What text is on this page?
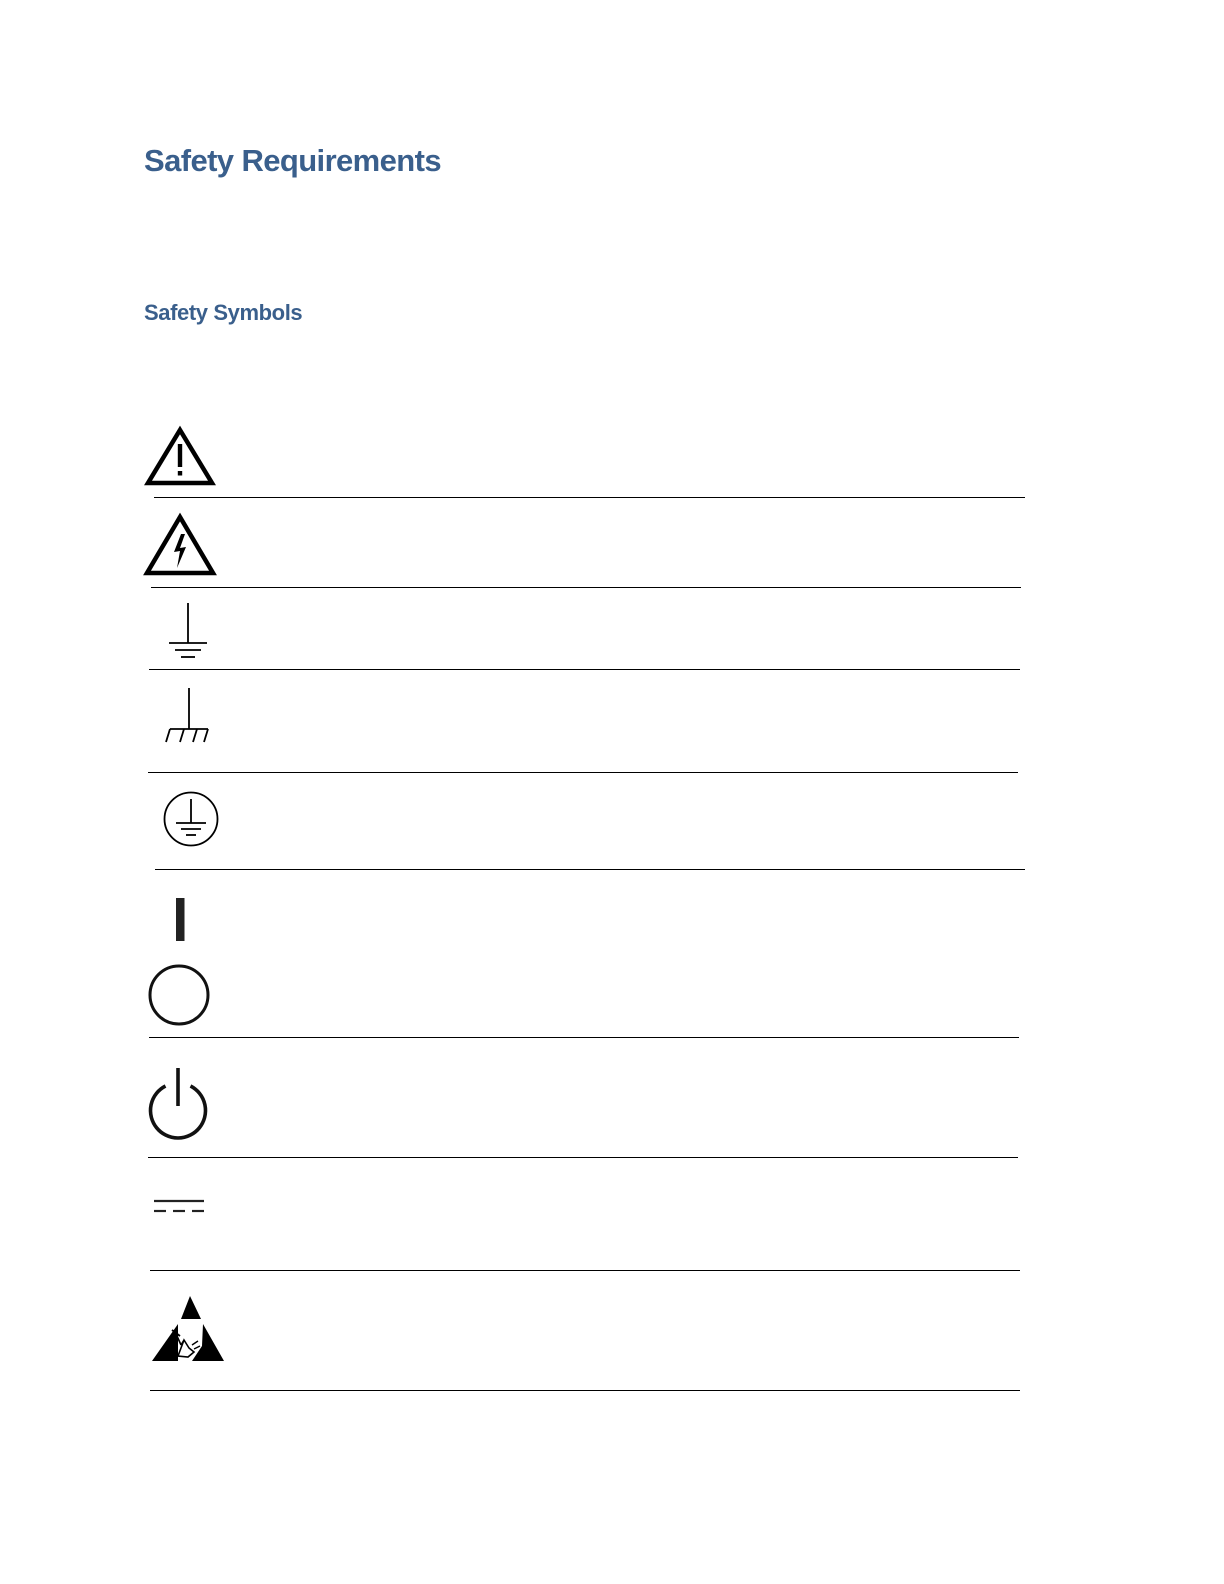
Safety Requirements
Safety Symbols
